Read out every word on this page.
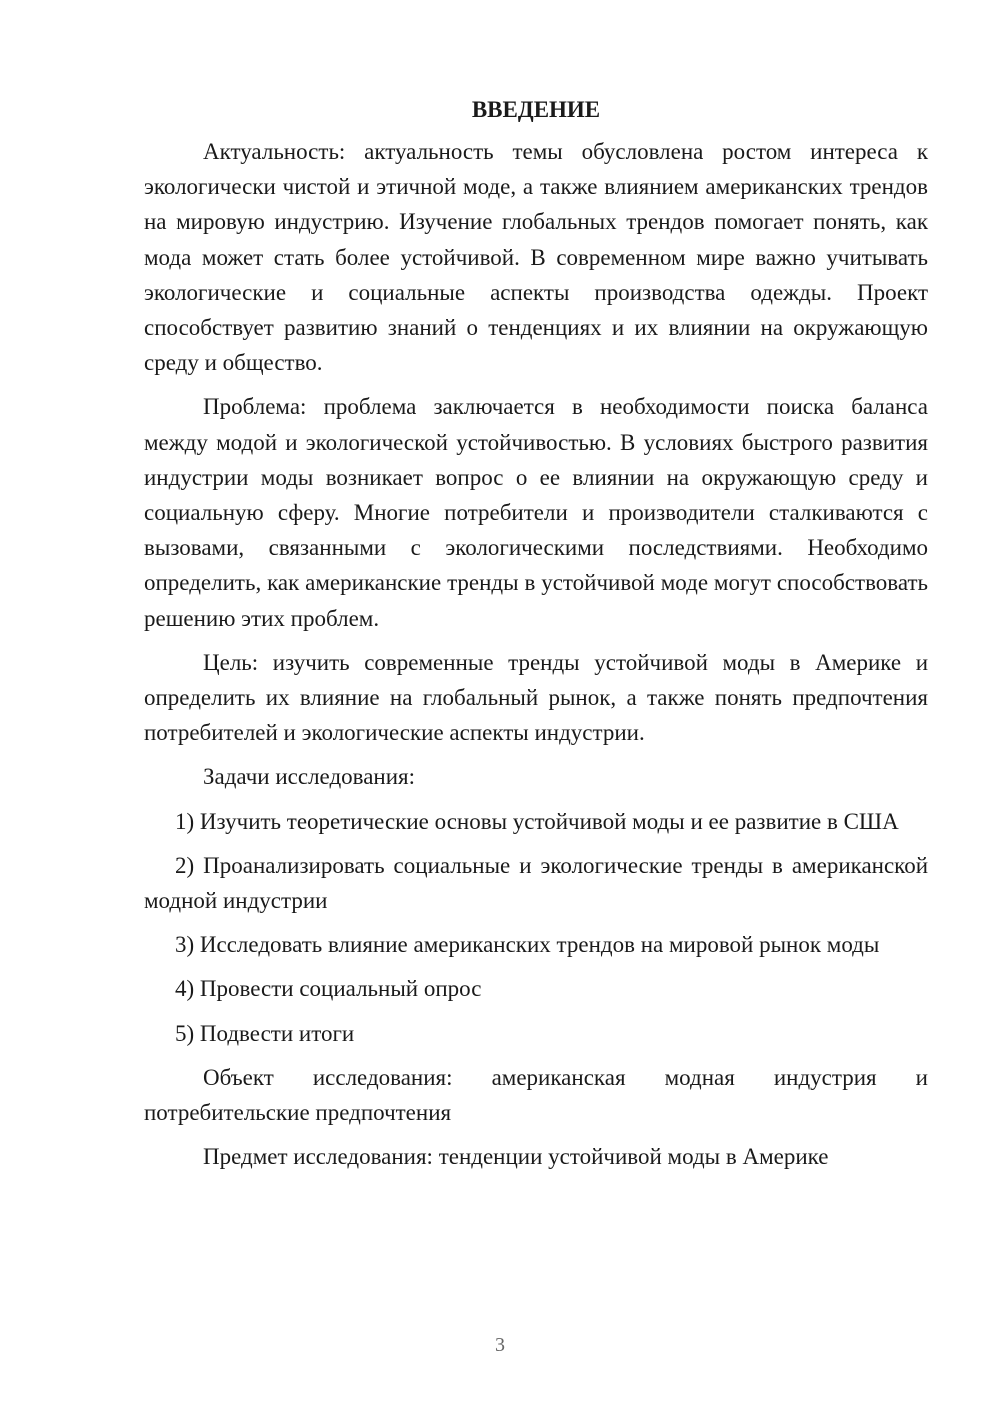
ВВЕДЕНИЕ

Актуальность: актуальность темы обусловлена ростом интереса к экологически чистой и этичной моде, а также влиянием американских трендов на мировую индустрию. Изучение глобальных трендов помогает понять, как мода может стать более устойчивой. В современном мире важно учитывать экологические и социальные аспекты производства одежды. Проект способствует развитию знаний о тенденциях и их влиянии на окружающую среду и общество.

Проблема: проблема заключается в необходимости поиска баланса между модой и экологической устойчивостью. В условиях быстрого развития индустрии моды возникает вопрос о ее влиянии на окружающую среду и социальную сферу. Многие потребители и производители сталкиваются с вызовами, связанными с экологическими последствиями. Необходимо определить, как американские тренды в устойчивой моде могут способствовать решению этих проблем.

Цель: изучить современные тренды устойчивой моды в Америке и определить их влияние на глобальный рынок, а также понять предпочтения потребителей и экологические аспекты индустрии.

Задачи исследования:

1) Изучить теоретические основы устойчивой моды и ее развитие в США

2) Проанализировать социальные и экологические тренды в американской модной индустрии

3) Исследовать влияние американских трендов на мировой рынок моды

4) Провести социальный опрос

5) Подвести итоги

Объект исследования: американская модная индустрия и потребительские предпочтения

Предмет исследования: тенденции устойчивой моды в Америке

3
